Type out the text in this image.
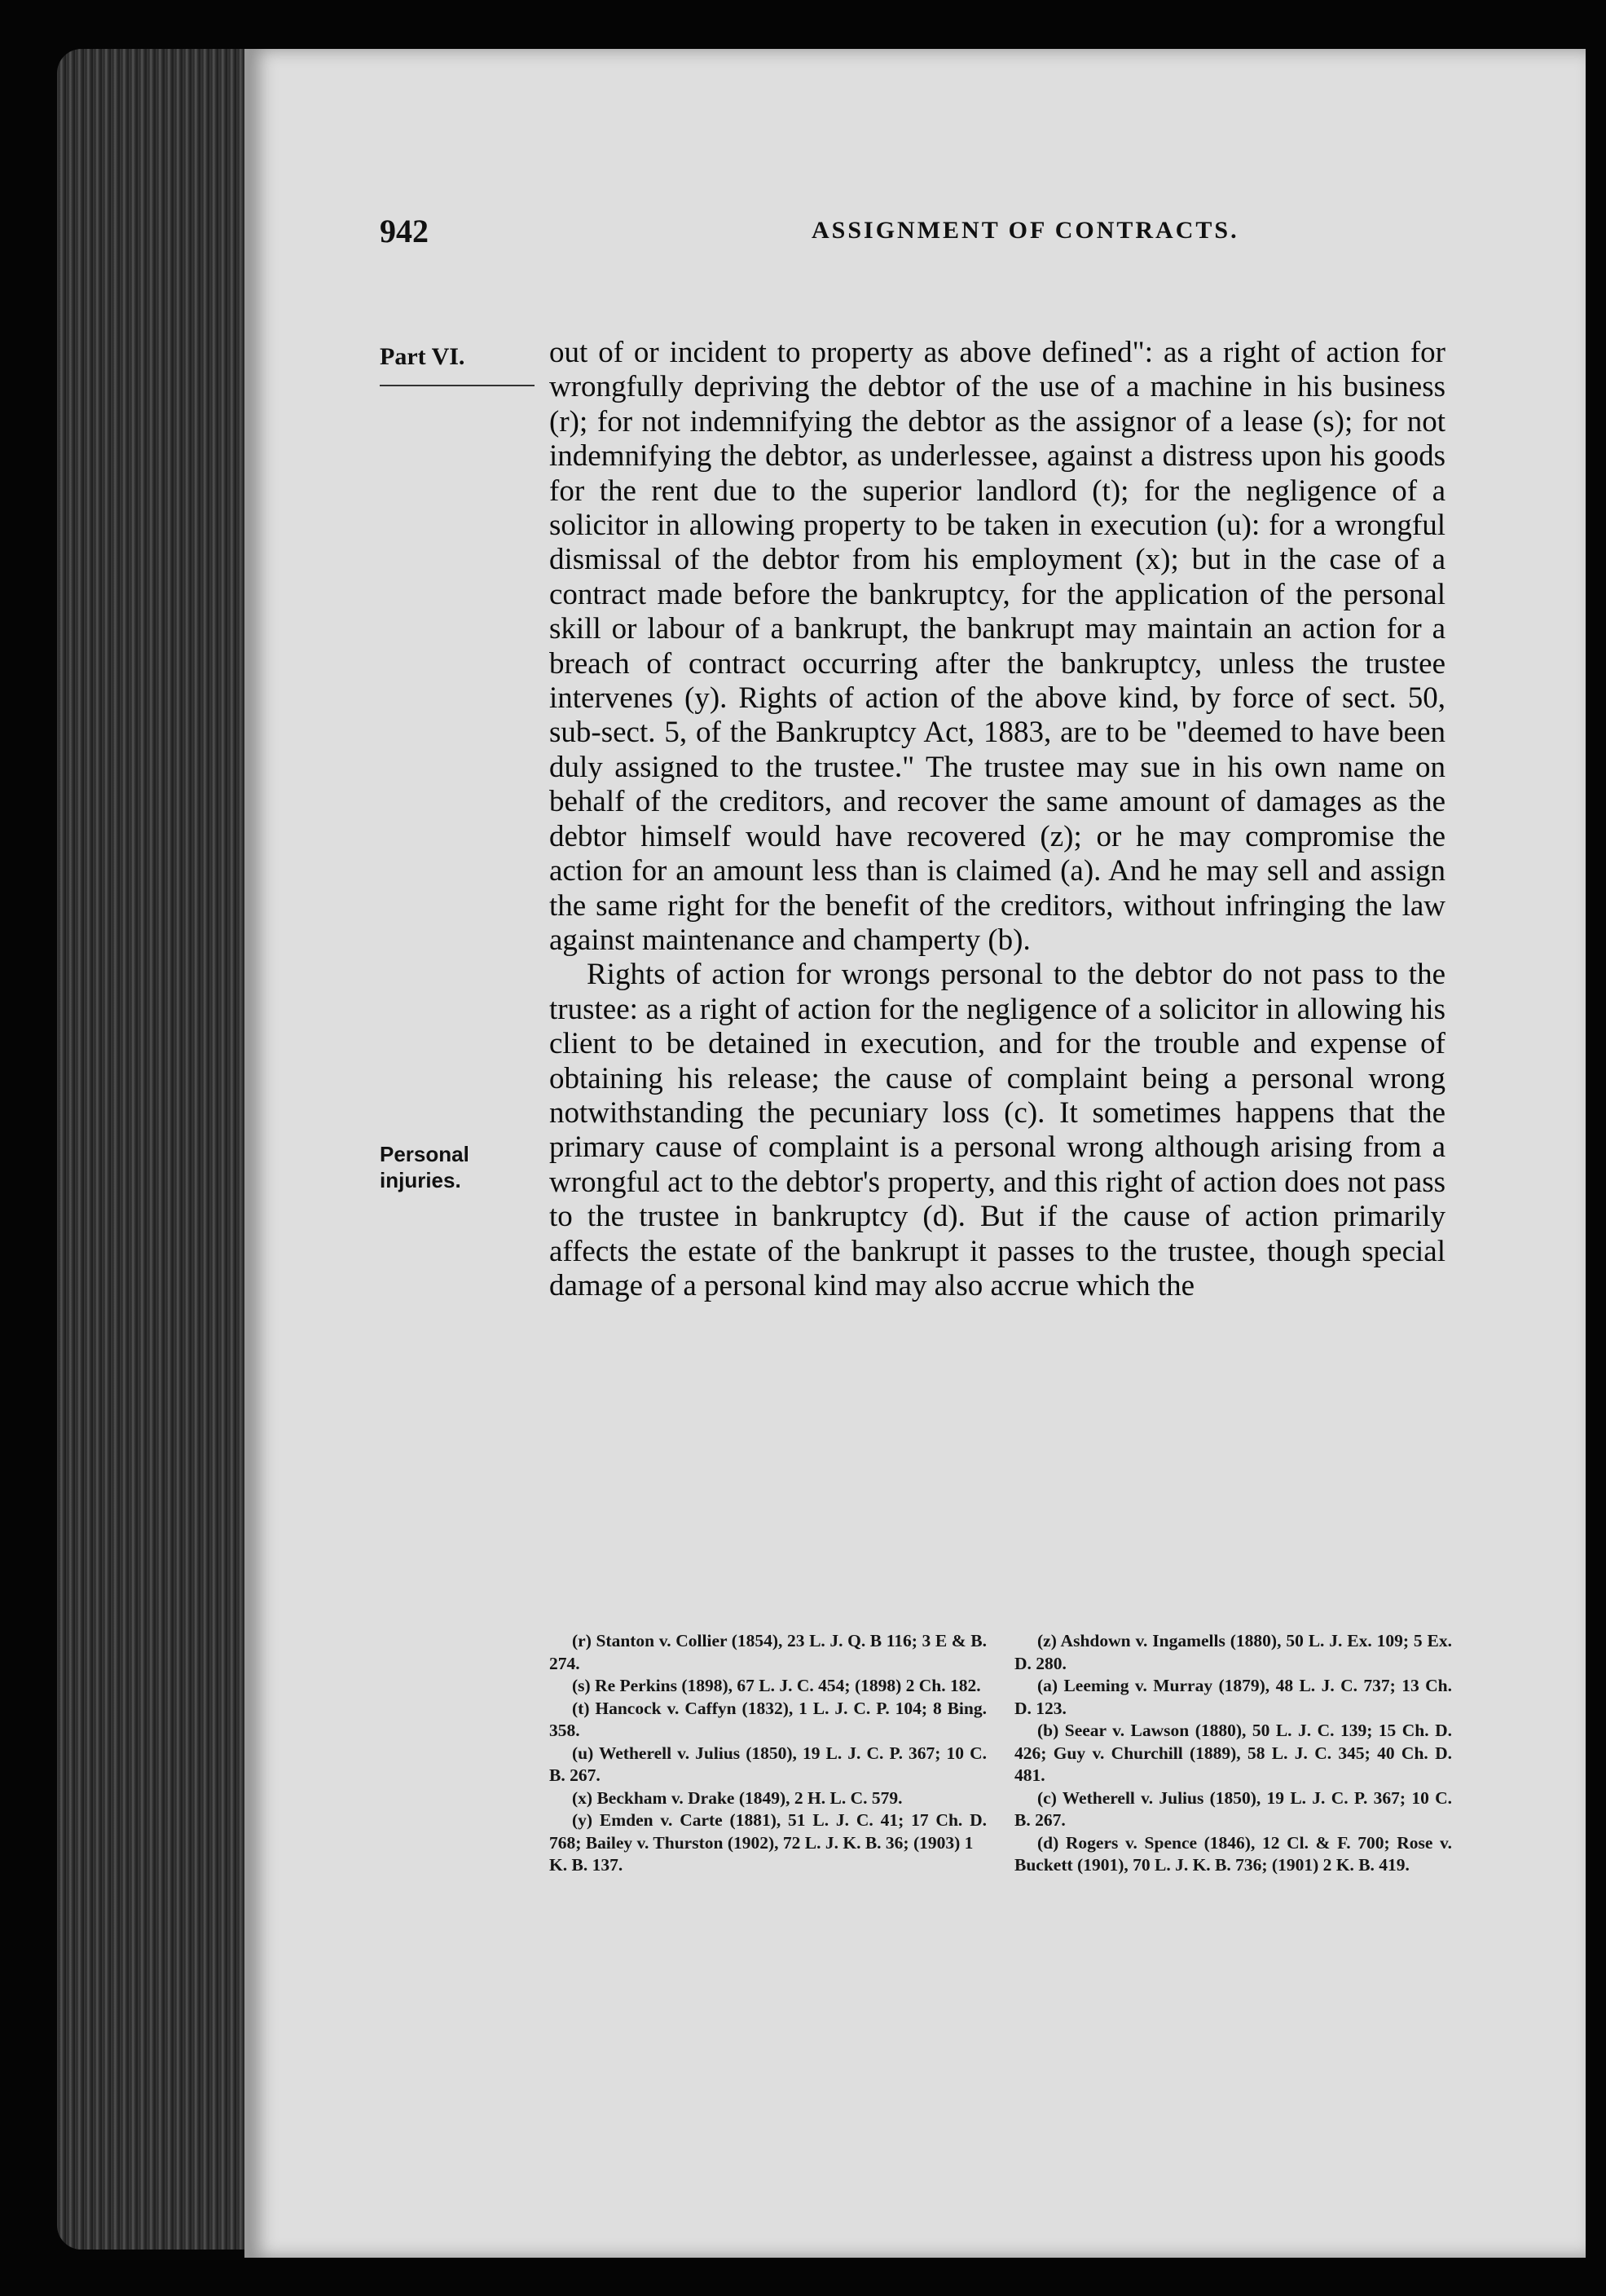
942	ASSIGNMENT OF CONTRACTS.
Part VI.
Personal injuries.

out of or incident to property as above defined": as a right of action for wrongfully depriving the debtor of the use of a machine in his business (r); for not indemnifying the debtor as the assignor of a lease (s); for not indemnifying the debtor, as underlessee, against a distress upon his goods for the rent due to the superior landlord (t); for the negligence of a solicitor in allowing property to be taken in execution (u): for a wrongful dismissal of the debtor from his employment (x); but in the case of a contract made before the bankruptcy, for the application of the personal skill or labour of a bankrupt, the bankrupt may maintain an action for a breach of contract occurring after the bankruptcy, unless the trustee intervenes (y). Rights of action of the above kind, by force of sect. 50, sub-sect. 5, of the Bankruptcy Act, 1883, are to be "deemed to have been duly assigned to the trustee." The trustee may sue in his own name on behalf of the creditors, and recover the same amount of damages as the debtor himself would have recovered (z); or he may compromise the action for an amount less than is claimed (a). And he may sell and assign the same right for the benefit of the creditors, without infringing the law against maintenance and champerty (b).

Rights of action for wrongs personal to the debtor do not pass to the trustee: as a right of action for the negligence of a solicitor in allowing his client to be detained in execution, and for the trouble and expense of obtaining his release; the cause of complaint being a personal wrong notwithstanding the pecuniary loss (c). It sometimes happens that the primary cause of complaint is a personal wrong although arising from a wrongful act to the debtor's property, and this right of action does not pass to the trustee in bankruptcy (d). But if the cause of action primarily affects the estate of the bankrupt it passes to the trustee, though special damage of a personal kind may also accrue which the

(r) Stanton v. Collier (1854), 23 L. J. Q. B 116; 3 E & B. 274.

(s) Re Perkins (1898), 67 L. J. C. 454; (1898) 2 Ch. 182.

(t) Hancock v. Caffyn (1832), 1 L. J. C. P. 104; 8 Bing. 358.

(u) Wetherell v. Julius (1850), 19 L. J. C. P. 367; 10 C. B. 267.

(x) Beckham v. Drake (1849), 2 H. L. C. 579.

(y) Emden v. Carte (1881), 51 L. J. C. 41; 17 Ch. D. 768; Bailey v. Thurston (1902), 72 L. J. K. B. 36; (1903) 1

K. B. 137.

(z) Ashdown v. Ingamells (1880), 50 L. J. Ex. 109; 5 Ex. D. 280.

(a) Leeming v. Murray (1879), 48 L. J. C. 737; 13 Ch. D. 123.

(b) Seear v. Lawson (1880), 50 L. J. C. 139; 15 Ch. D. 426; Guy v. Churchill (1889), 58 L. J. C. 345; 40 Ch. D. 481.

(c) Wetherell v. Julius (1850), 19 L. J. C. P. 367; 10 C. B. 267.

(d) Rogers v. Spence (1846), 12 Cl. & F. 700; Rose v. Buckett (1901), 70 L. J. K. B. 736; (1901) 2 K. B. 419.
